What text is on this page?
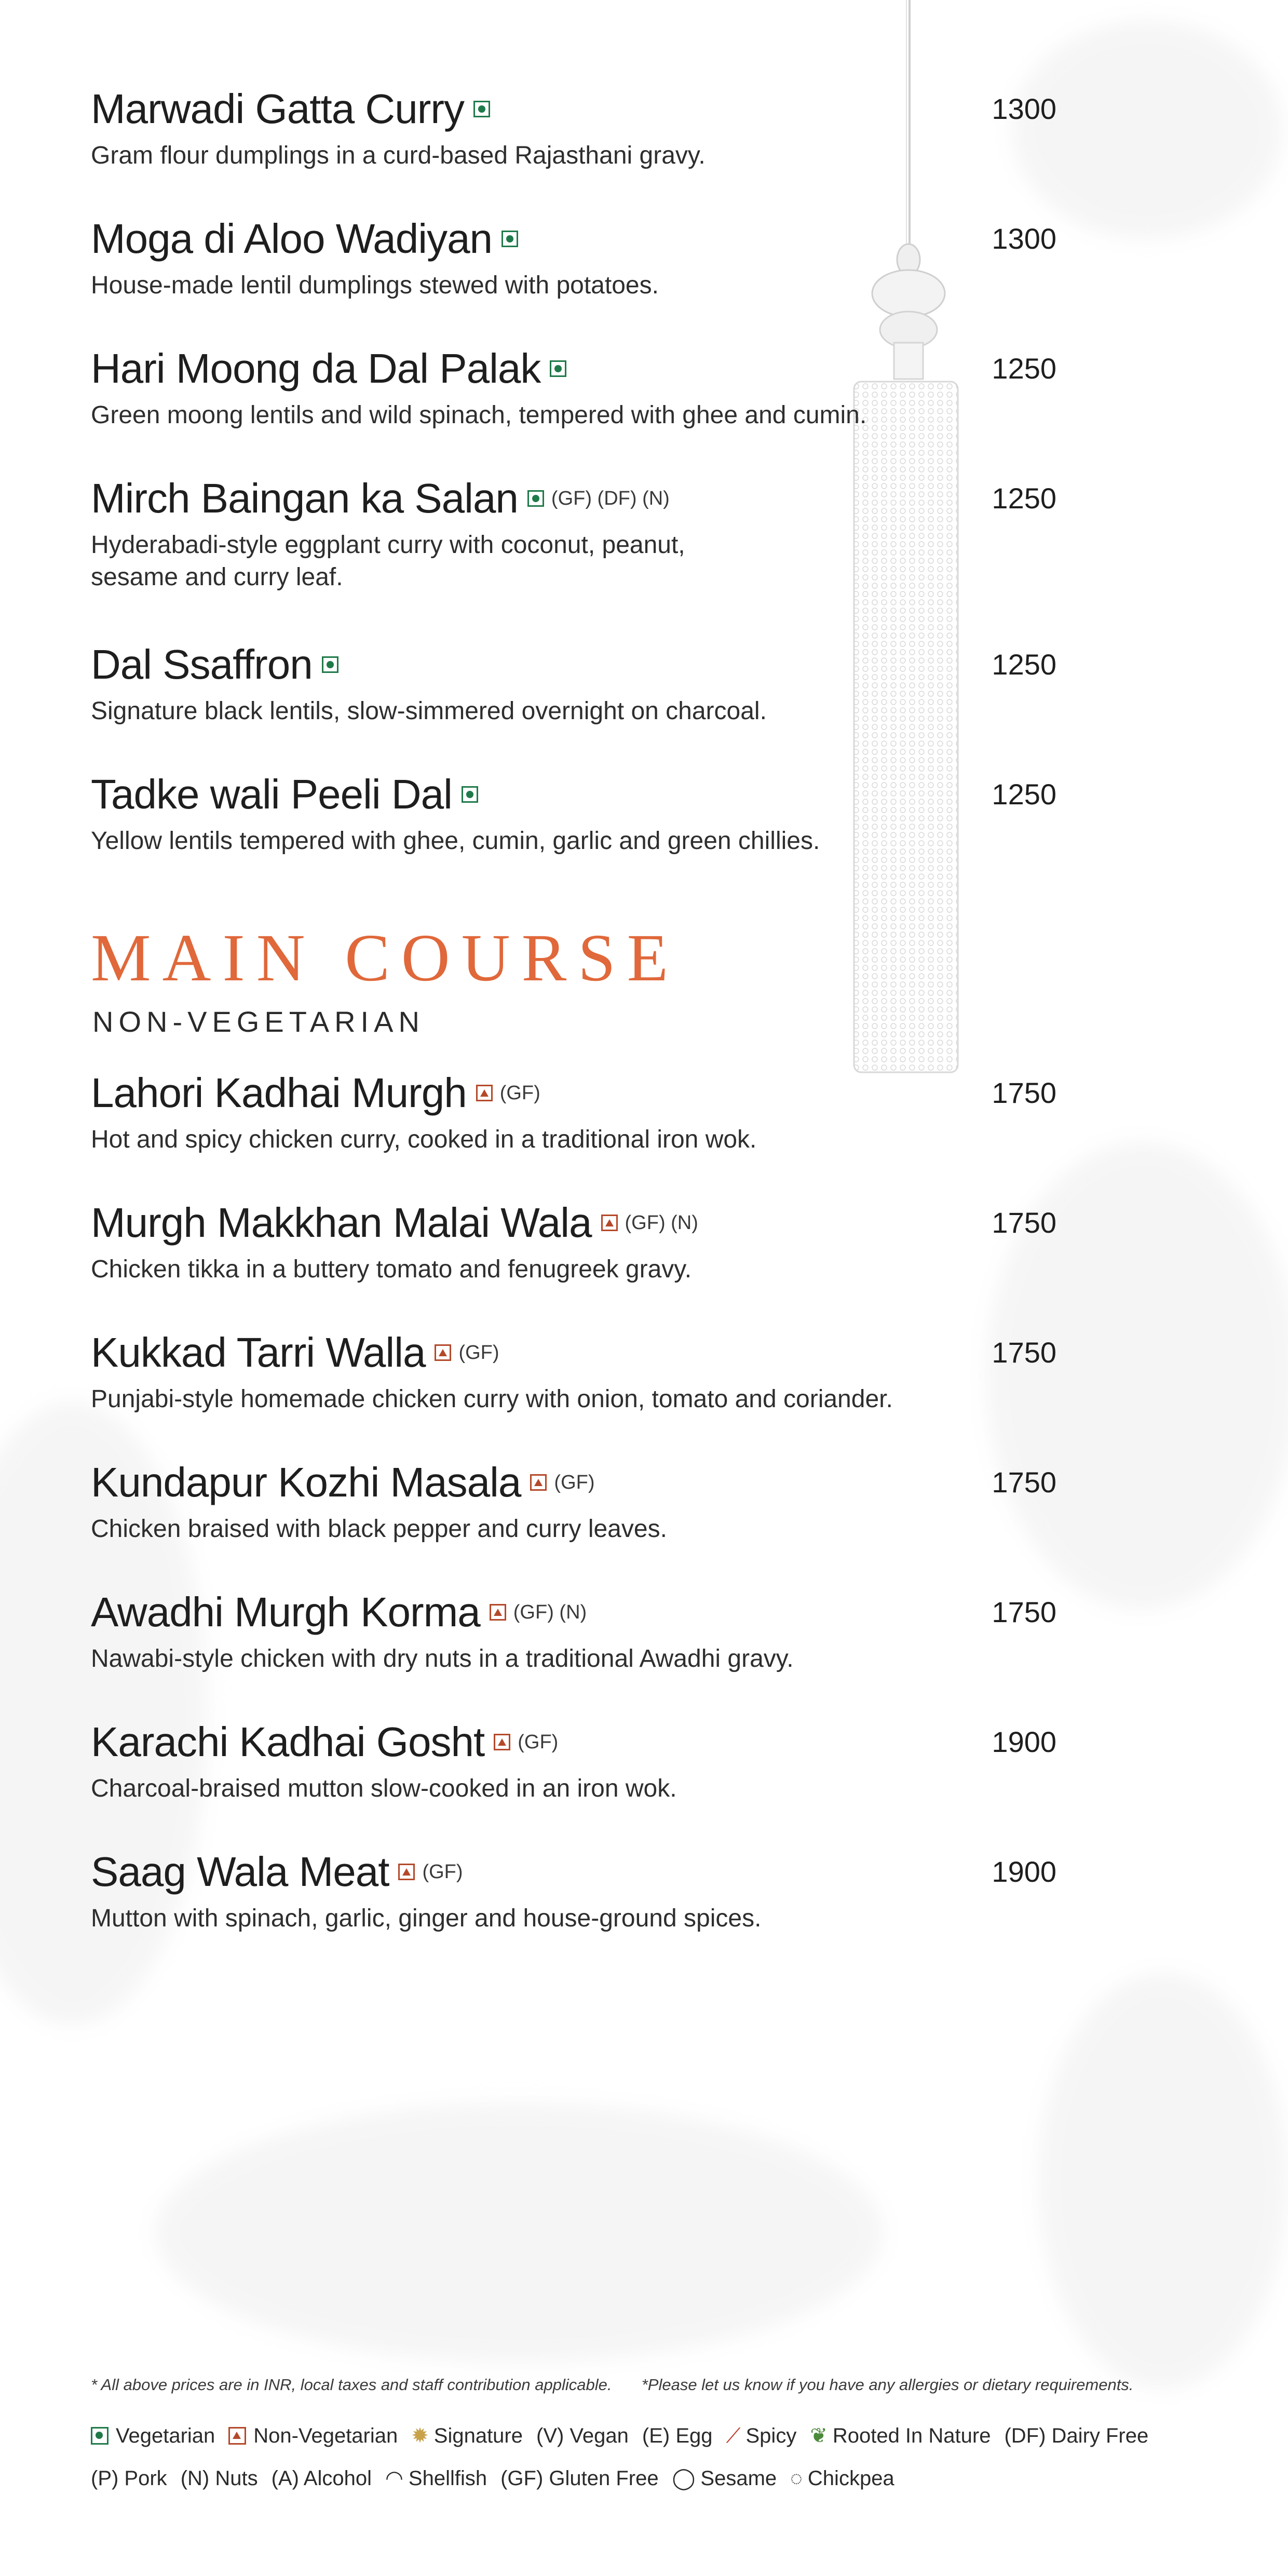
Marwadi Gatta Curry	1300
Gram flour dumplings in a curd-based Rajasthani gravy.
Moga di Aloo Wadiyan	1300
House-made lentil dumplings stewed with potatoes.
Hari Moong da Dal Palak	1250
Green moong lentils and wild spinach, tempered with ghee and cumin.
Mirch Baingan ka Salan (GF) (DF) (N)	1250
Hyderabadi-style eggplant curry with coconut, peanut,
sesame and curry leaf.
Dal Ssaffron	1250
Signature black lentils, slow-simmered overnight on charcoal.
Tadke wali Peeli Dal	1250
Yellow lentils tempered with ghee, cumin, garlic and green chillies.
MAIN COURSE
NON-VEGETARIAN
Lahori Kadhai Murgh (GF)	1750
Hot and spicy chicken curry, cooked in a traditional iron wok.
Murgh Makkhan Malai Wala (GF) (N)	1750
Chicken tikka in a buttery tomato and fenugreek gravy.
Kukkad Tarri Walla (GF)	1750
Punjabi-style homemade chicken curry with onion, tomato and coriander.
Kundapur Kozhi Masala (GF)	1750
Chicken braised with black pepper and curry leaves.
Awadhi Murgh Korma (GF) (N)	1750
Nawabi-style chicken with dry nuts in a traditional Awadhi gravy.
Karachi Kadhai Gosht (GF)	1900
Charcoal-braised mutton slow-cooked in an iron wok.
Saag Wala Meat (GF)	1900
Mutton with spinach, garlic, ginger and house-ground spices.
* All above prices are in INR, local taxes and staff contribution applicable. *Please let us know if you have any allergies or dietary requirements.
Vegetarian Non-Vegetarian ✹ Signature (V) Vegan (E) Egg ⟋ Spicy ❦ Rooted In Nature (DF) Dairy Free
(P) Pork (N) Nuts (A) Alcohol ◠ Shellfish (GF) Gluten Free ◯ Sesame ◌ Chickpea
